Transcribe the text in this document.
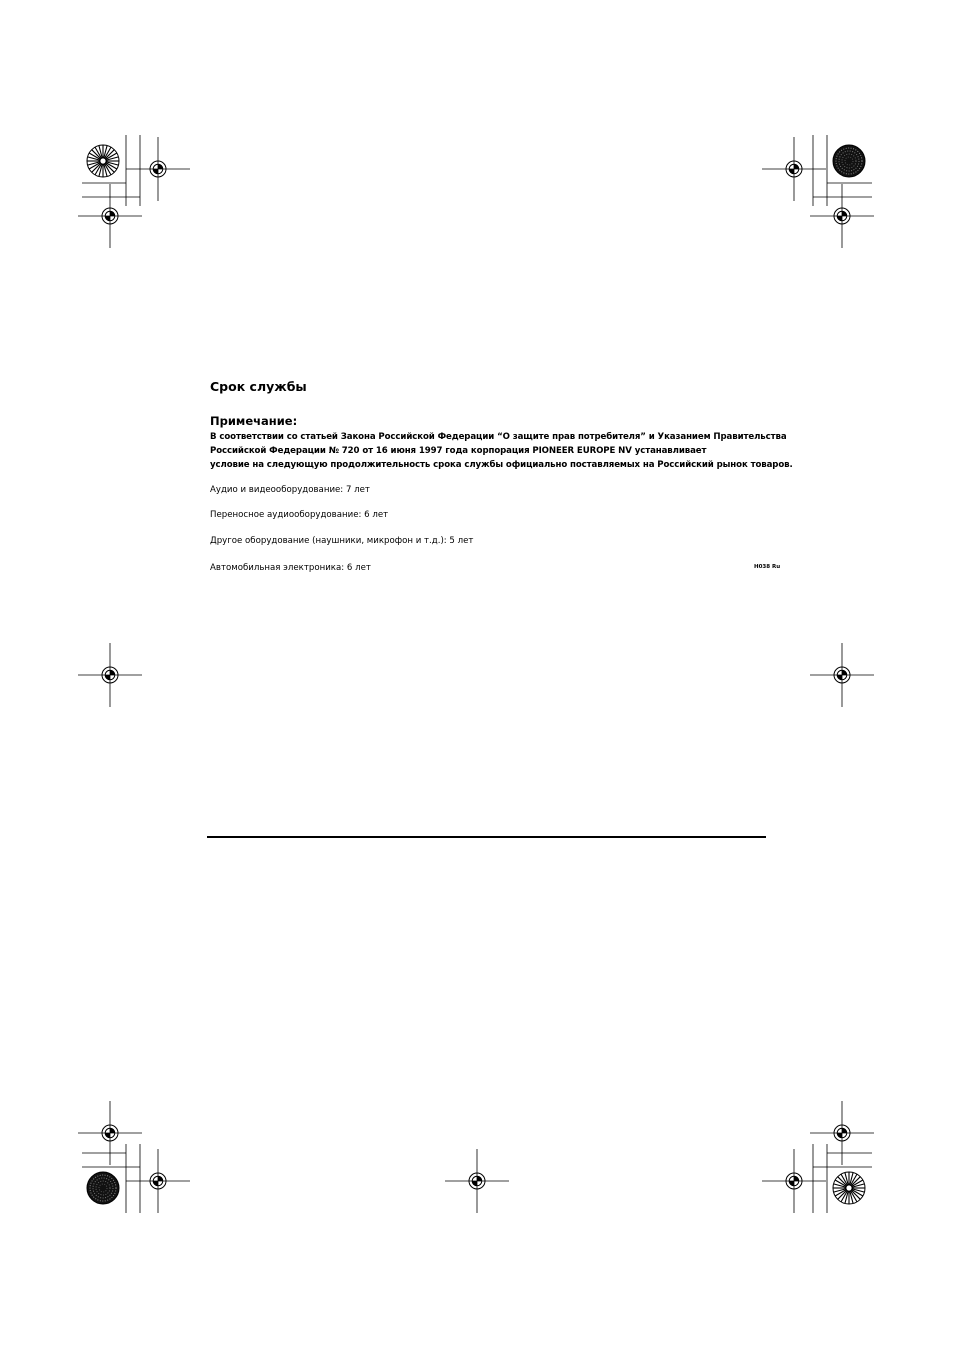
Срок службы
Примечание:
В соответствии со статьей Закона Российской Федерации “О защите прав потребителя” и Указанием Правительства
Российской Федерации № 720 от 16 июня 1997 года корпорация PIONEER EUROPE NV устанавливает
условие на следующую продолжительность срока службы официально поставляемых на Российский рынок товаров.

Аудио и видеооборудование: 7 лет

Переносное аудиооборудование: 6 лет

Другое оборудование (наушники, микрофон и т.д.): 5 лет

Автомобильная электроника: 6 лет	H038 Ru
